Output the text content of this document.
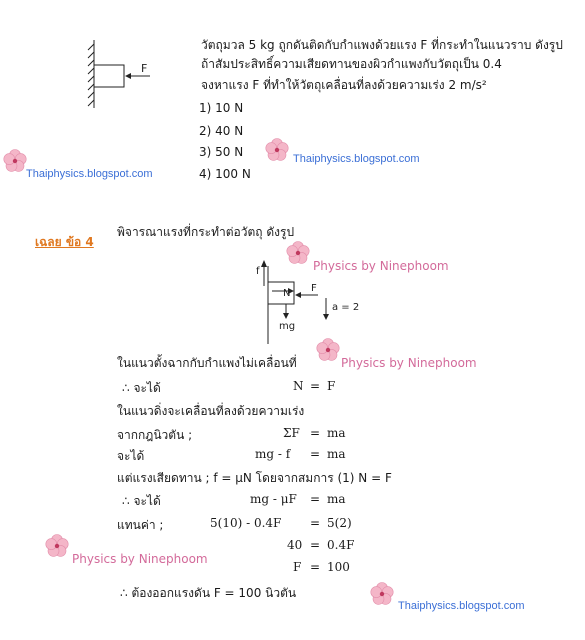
F
วัตถุมวล 5 kg ถูกดันติดกับกำแพงด้วยแรง F ที่กระทำในแนวราบ ดังรูป
ถ้าสัมประสิทธิ์ความเสียดทานของผิวกำแพงกับวัตถุเป็น 0.4
จงหาแรง F ที่ทำให้วัตถุเคลื่อนที่ลงด้วยความเร่ง 2 m/s²
1) 10 N
2) 40 N
3) 50 N
4) 100 N
Thaiphysics.blogspot.com
Thaiphysics.blogspot.com
เฉลย ข้อ 4
พิจารณาแรงที่กระทำต่อวัตถุ ดังรูป
Physics by Ninephoom
f
N F
mg
a = 2
Physics by Ninephoom
ในแนวตั้งฉากกับกำแพงไม่เคลื่อนที่
∴ จะได้	N = F
ในแนวดิ่งจะเคลื่อนที่ลงด้วยความเร่ง
จากกฎนิวตัน ;	ΣF = ma
จะได้	mg - f = ma
แต่แรงเสียดทาน ; f = μN โดยจากสมการ (1) N = F
∴ จะได้	mg - μF = ma
แทนค่า ;	5(10) - 0.4F = 5(2)
40 = 0.4F
Physics by Ninephoom
F = 100
∴ ต้องออกแรงดัน F = 100 นิวตัน
Thaiphysics.blogspot.com
